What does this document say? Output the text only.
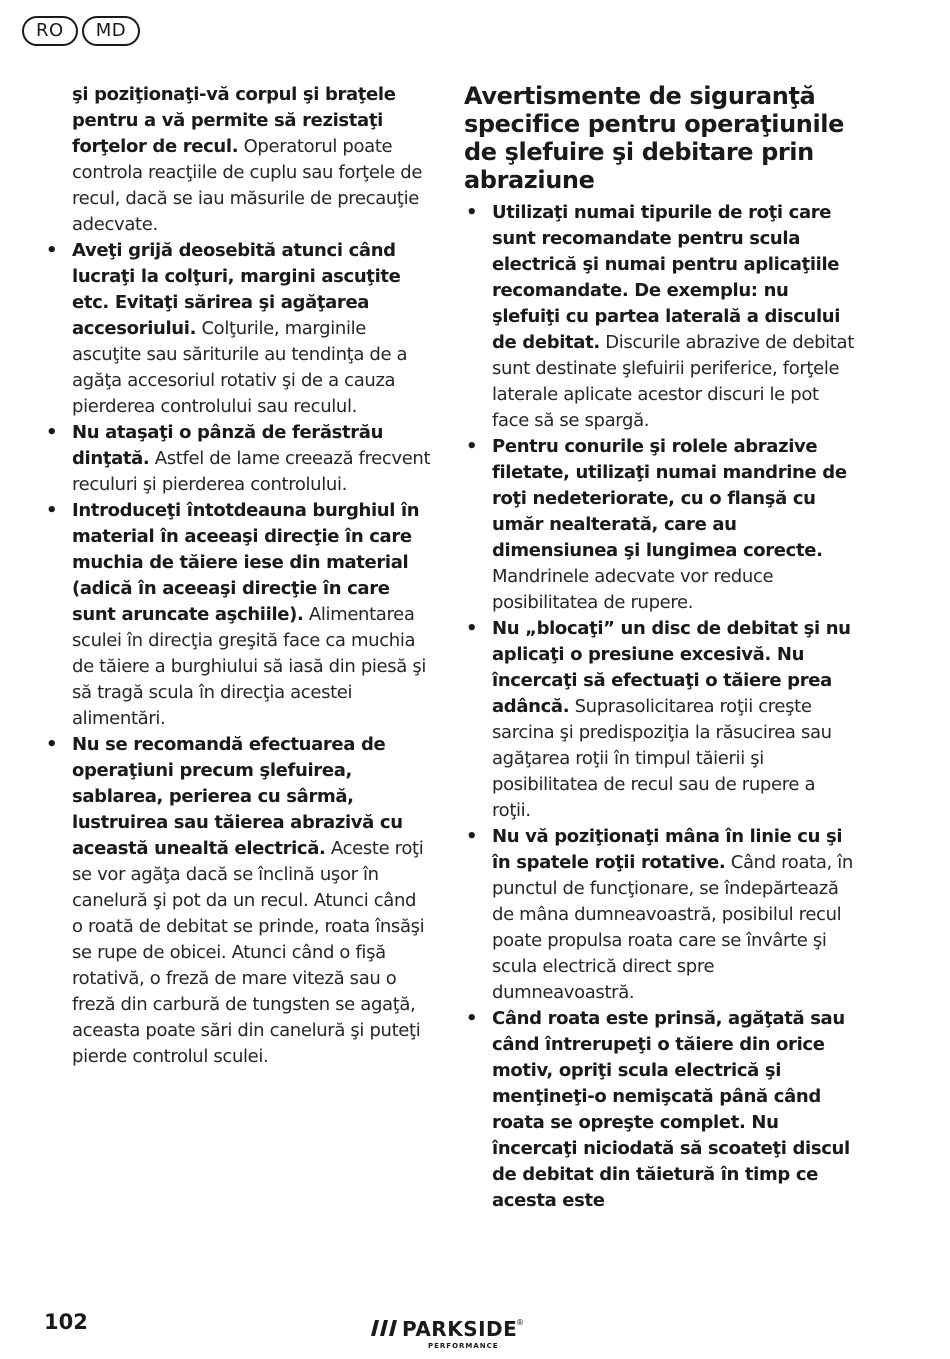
RO	MD

şi poziţionaţi-vă corpul şi braţele pentru a vă permite să rezistaţi forţelor de recul. Operatorul poate controla reacţiile de cuplu sau forţele de recul, dacă se iau măsurile de precauţie adecvate.

• Aveţi grijă deosebită atunci când lucraţi la colţuri, margini ascuţite etc. Evitaţi sărirea şi agăţarea accesoriului. Colţurile, marginile ascuţite sau săriturile au tendinţa de a agăţa accesoriul rotativ şi de a cauza pierderea controlului sau reculul.
• Nu ataşaţi o pânză de ferăstrău dinţată. Astfel de lame creează frecvent reculuri şi pierderea controlului.
• Introduceţi întotdeauna burghiul în material în aceeaşi direcţie în care muchia de tăiere iese din material (adică în aceeaşi direcţie în care sunt aruncate aşchiile). Alimentarea sculei în direcţia greşită face ca muchia de tăiere a burghiului să iasă din piesă şi să tragă scula în direcţia acestei alimentări.
• Nu se recomandă efectuarea de operaţiuni precum şlefuirea, sablarea, perierea cu sârmă, lustruirea sau tăierea abrazivă cu această unealtă electrică. Aceste roţi se vor agăţa dacă se înclină uşor în canelură şi pot da un recul. Atunci când o roată de debitat se prinde, roata însăşi se rupe de obicei. Atunci când o fişă rotativă, o freză de mare viteză sau o freză din carbură de tungsten se agaţă, aceasta poate sări din canelură şi puteţi pierde controlul sculei.
Avertismente de siguranţă specifice pentru operaţiunile de şlefuire şi debitare prin abraziune
• Utilizaţi numai tipurile de roţi care sunt recomandate pentru scula electrică şi numai pentru aplicaţiile recomandate. De exemplu: nu şlefuiţi cu partea laterală a discului de debitat. Discurile abrazive de debitat sunt destinate şlefuirii periferice, forţele laterale aplicate acestor discuri le pot face să se spargă.
• Pentru conurile şi rolele abrazive filetate, utilizaţi numai mandrine de roţi nedeteriorate, cu o flanşă cu umăr nealterată, care au dimensiunea şi lungimea corecte. Mandrinele adecvate vor reduce posibilitatea de rupere.
• Nu „blocaţi” un disc de debitat şi nu aplicaţi o presiune excesivă. Nu încercaţi să efectuaţi o tăiere prea adâncă. Suprasolicitarea roţii creşte sarcina şi predispoziţia la răsucirea sau agăţarea roţii în timpul tăierii şi posibilitatea de recul sau de rupere a roţii.
• Nu vă poziţionaţi mâna în linie cu şi în spatele roţii rotative. Când roata, în punctul de funcţionare, se îndepărtează de mâna dumneavoastră, posibilul recul poate propulsa roata care se învârte şi scula electrică direct spre dumneavoastră.
• Când roata este prinsă, agăţată sau când întrerupeţi o tăiere din orice motiv, opriţi scula electrică şi menţineţi-o nemişcată până când roata se opreşte complet. Nu încercaţi niciodată să scoateţi discul de debitat din tăietură în timp ce acesta este
102	PARKSIDE
®
PERFORMANCE
